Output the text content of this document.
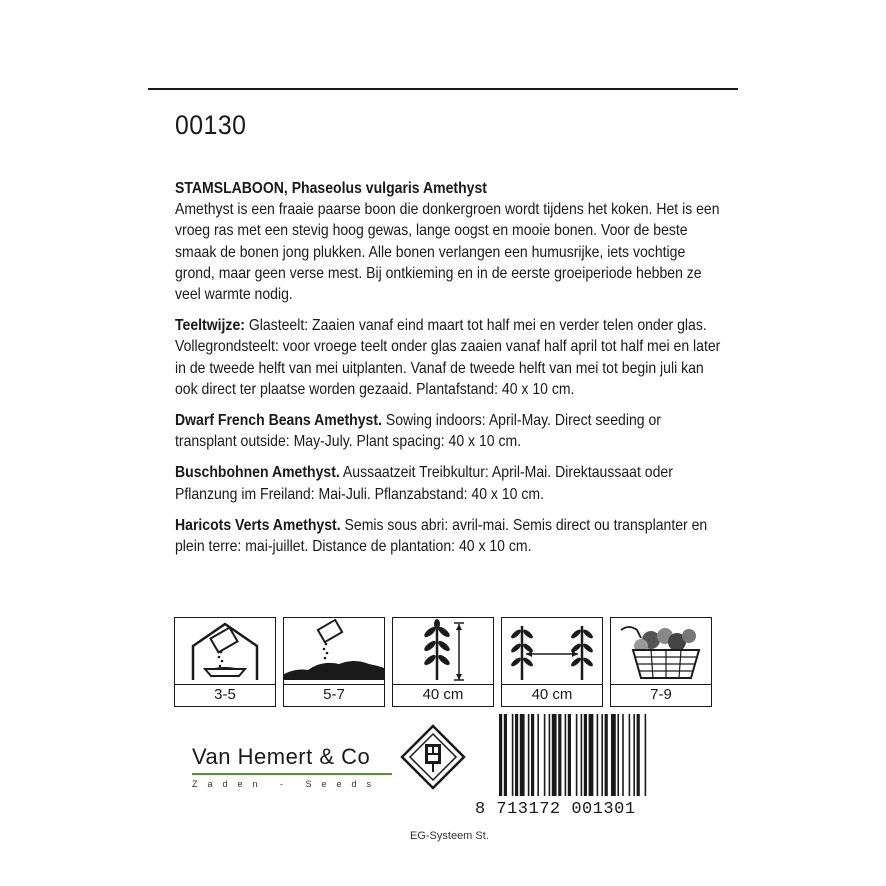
00130

STAMSLABOON, Phaseolus vulgaris Amethyst
Amethyst is een fraaie paarse boon die donkergroen wordt tijdens het koken. Het is een vroeg ras met een stevig hoog gewas, lange oogst en mooie bonen. Voor de beste smaak de bonen jong plukken. Alle bonen verlangen een humusrijke, iets vochtige grond, maar geen verse mest. Bij ontkieming en in de eerste groeiperiode hebben ze veel warmte nodig.

Teeltwijze: Glasteelt: Zaaien vanaf eind maart tot half mei en verder telen onder glas. Vollegrondsteelt: voor vroege teelt onder glas zaaien vanaf half april tot half mei en later in de tweede helft van mei uitplanten. Vanaf de tweede helft van mei tot begin juli kan ook direct ter plaatse worden gezaaid. Plantafstand: 40 x 10 cm.

Dwarf French Beans Amethyst. Sowing indoors: April-May. Direct seeding or transplant outside: May-July. Plant spacing: 40 x 10 cm.

Buschbohnen Amethyst. Aussaatzeit Treibkultur: April-Mai. Direktaussaat oder Pflanzung im Freiland: Mai-Juli. Pflanzabstand: 40 x 10 cm.

Haricots Verts Amethyst. Semis sous abri: avril-mai. Semis direct ou transplanter en plein terre: mai-juillet. Distance de plantation: 40 x 10 cm.

3-5	5-7	40 cm	40 cm	7-9
Van Hemert & Co
Zaden - Seeds
8 713172 001301
EG-Systeem St.
